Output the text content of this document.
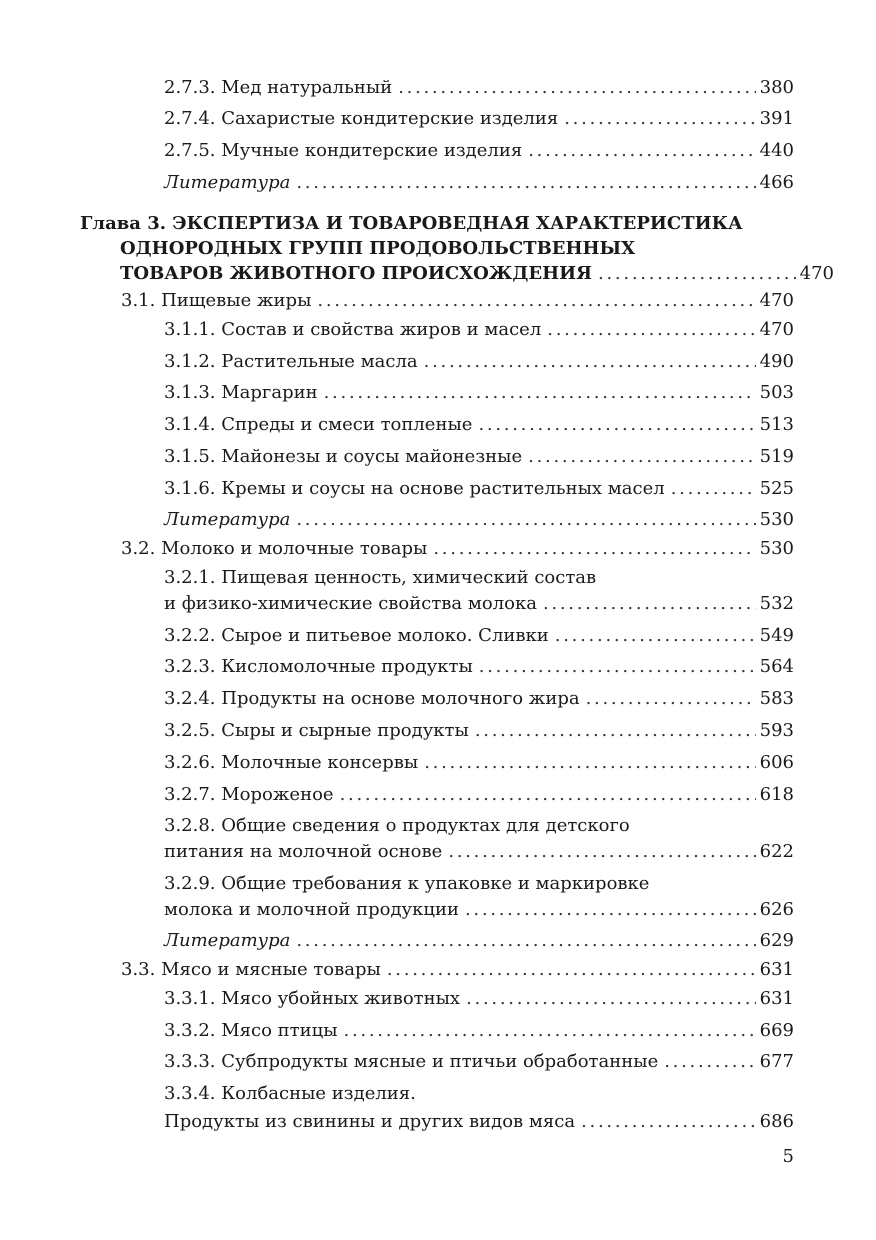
2.7.3. Мед натуральный . . .	380
2.7.4. Сахаристые кондитерские изделия . . .	391
2.7.5. Мучные кондитерские изделия . . .	440
Литература . . .	466
Глава 3. ЭКСПЕРТИЗА И ТОВАРОВЕДНАЯ ХАРАКТЕРИСТИКА
ОДНОРОДНЫХ ГРУПП ПРОДОВОЛЬСТВЕННЫХ
ТОВАРОВ ЖИВОТНОГО ПРОИСХОЖДЕНИЯ . . .	470
3.1. Пищевые жиры . . .	470
3.1.1. Состав и свойства жиров и масел . . .	470
3.1.2. Растительные масла . . .	490
3.1.3. Маргарин . . .	503
3.1.4. Спреды и смеси топленые . . .	513
3.1.5. Майонезы и соусы майонезные . . .	519
3.1.6. Кремы и соусы на основе растительных масел . . .	525
Литература . . .	530
3.2. Молоко и молочные товары . . .	530
3.2.1. Пищевая ценность, химический состав
и физико-химические свойства молока . . .	532
3.2.2. Сырое и питьевое молоко. Сливки . . .	549
3.2.3. Кисломолочные продукты . . .	564
3.2.4. Продукты на основе молочного жира . . .	583
3.2.5. Сыры и сырные продукты . . .	593
3.2.6. Молочные консервы . . .	606
3.2.7. Мороженое . . .	618
3.2.8. Общие сведения о продуктах для детского
питания на молочной основе . . .	622
3.2.9. Общие требования к упаковке и маркировке
молока и молочной продукции . . .	626
Литература . . .	629
3.3. Мясо и мясные товары . . .	631
3.3.1. Мясо убойных животных . . .	631
3.3.2. Мясо птицы . . .	669
3.3.3. Субпродукты мясные и птичьи обработанные . . .	677
3.3.4. Колбасные изделия.
Продукты из свинины и других видов мяса . . .	686
5
